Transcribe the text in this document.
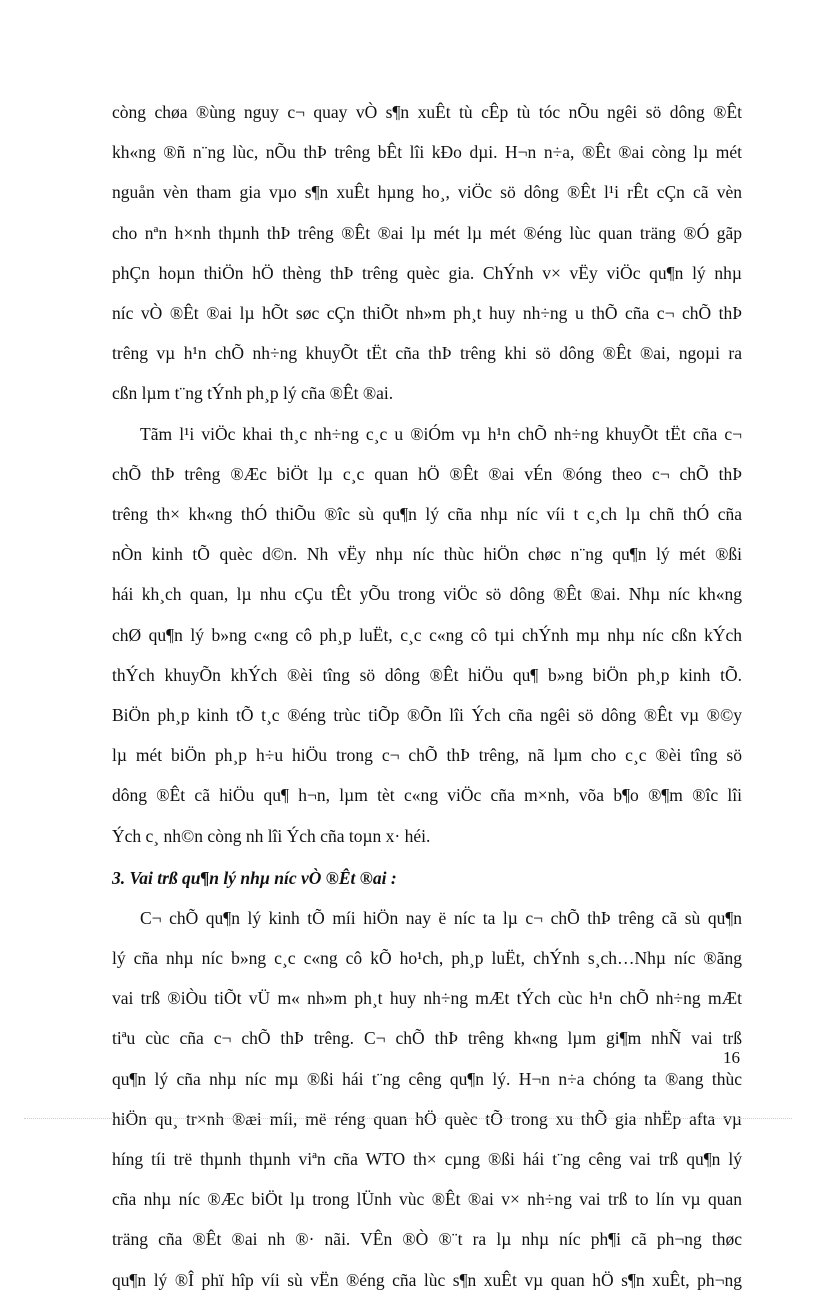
còng chøa ®ùng nguy c¬ quay vÒ s¶n xuÊt tù cÊp tù tóc nÕu ngêi sö dông ®Êt
kh«ng ®ñ n¨ng lùc, nÕu thÞ trêng bÊt lîi kÐo dµi. H¬n n÷a, ®Êt ®ai còng lµ mét
nguån vèn tham gia vµo s¶n xuÊt hµng ho¸, viÖc sö dông ®Êt l¹i rÊt cÇn cã vèn
cho nªn h×nh thµnh thÞ trêng ®Êt ®ai lµ mét lµ mét ®éng lùc quan träng ®Ó gãp
phÇn hoµn thiÖn hÖ thèng thÞ trêng quèc gia. ChÝnh v× vËy viÖc qu¶n lý nhµ
níc vÒ ®Êt ®ai lµ hÕt søc cÇn thiÕt nh»m ph¸t huy nh÷ng u thÕ cña c¬ chÕ thÞ
trêng vµ h¹n chÕ nh÷ng khuyÕt tËt cña thÞ trêng khi sö dông ®Êt ®ai, ngoµi ra
cßn lµm t¨ng tÝnh ph¸p lý cña ®Êt ®ai.
Tãm l¹i viÖc khai th¸c nh÷ng c¸c u ®iÓm vµ h¹n chÕ nh÷ng khuyÕt tËt cña c¬
chÕ thÞ trêng ®Æc biÖt lµ c¸c quan hÖ ®Êt ®ai vÉn ®óng theo c¬ chÕ thÞ
trêng th× kh«ng thÓ thiÕu ®îc sù qu¶n lý cña nhµ níc víi t c¸ch lµ chñ thÓ cña
nÒn kinh tÕ quèc d©n. Nh vËy nhµ níc thùc hiÖn chøc n¨ng qu¶n lý mét ®ßi
hái kh¸ch quan, lµ nhu cÇu tÊt yÕu trong viÖc sö dông ®Êt ®ai. Nhµ níc kh«ng
chØ qu¶n lý b»ng c«ng cô ph¸p luËt, c¸c c«ng cô tµi chÝnh mµ nhµ níc cßn kÝch
thÝch khuyÕn khÝch ®èi tîng sö dông ®Êt hiÖu qu¶ b»ng biÖn ph¸p kinh tÕ.
BiÖn ph¸p kinh tÕ t¸c ®éng trùc tiÕp ®Õn lîi Ých cña ngêi sö dông ®Êt vµ ®©y
lµ mét biÖn ph¸p h÷u hiÖu trong c¬ chÕ thÞ trêng, nã lµm cho c¸c ®èi tîng sö
dông ®Êt cã hiÖu qu¶ h¬n, lµm tèt c«ng viÖc cña m×nh, võa b¶o ®¶m ®îc lîi
Ých c¸ nh©n còng nh lîi Ých cña toµn x· héi.
3. Vai trß qu¶n lý nhµ níc vÒ ®Êt ®ai :
C¬ chÕ qu¶n lý kinh tÕ míi hiÖn nay ë níc ta lµ c¬ chÕ thÞ trêng cã sù qu¶n
lý cña nhµ níc b»ng c¸c c«ng cô kÕ ho¹ch, ph¸p luËt, chÝnh s¸ch…Nhµ níc ®ãng
vai trß ®iÒu tiÕt vÜ m« nh»m ph¸t huy nh÷ng mÆt tÝch cùc h¹n chÕ nh÷ng mÆt
tiªu cùc cña c¬ chÕ thÞ trêng. C¬ chÕ thÞ trêng kh«ng lµm gi¶m nhÑ vai trß
qu¶n lý cña nhµ níc mµ ®ßi hái t¨ng cêng qu¶n lý. H¬n n÷a chóng ta ®ang thùc
hiÖn qu¸ tr×nh ®æi míi, më réng quan hÖ quèc tÕ trong xu thÕ gia nhËp afta vµ
híng tíi trë thµnh thµnh viªn cña WTO th× cµng ®ßi hái t¨ng cêng vai trß qu¶n lý
cña nhµ níc ®Æc biÖt lµ trong lÜnh vùc ®Êt ®ai v× nh÷ng vai trß to lín vµ quan
träng cña ®Êt ®ai nh ®· nãi. VÊn ®Ò ®¨t ra lµ nhµ níc ph¶i cã ph¬ng thøc
qu¶n lý ®Î phï hîp víi sù vËn ®éng cña lùc s¶n xuÊt vµ quan hÖ s¶n xuÊt, ph¬ng
16
